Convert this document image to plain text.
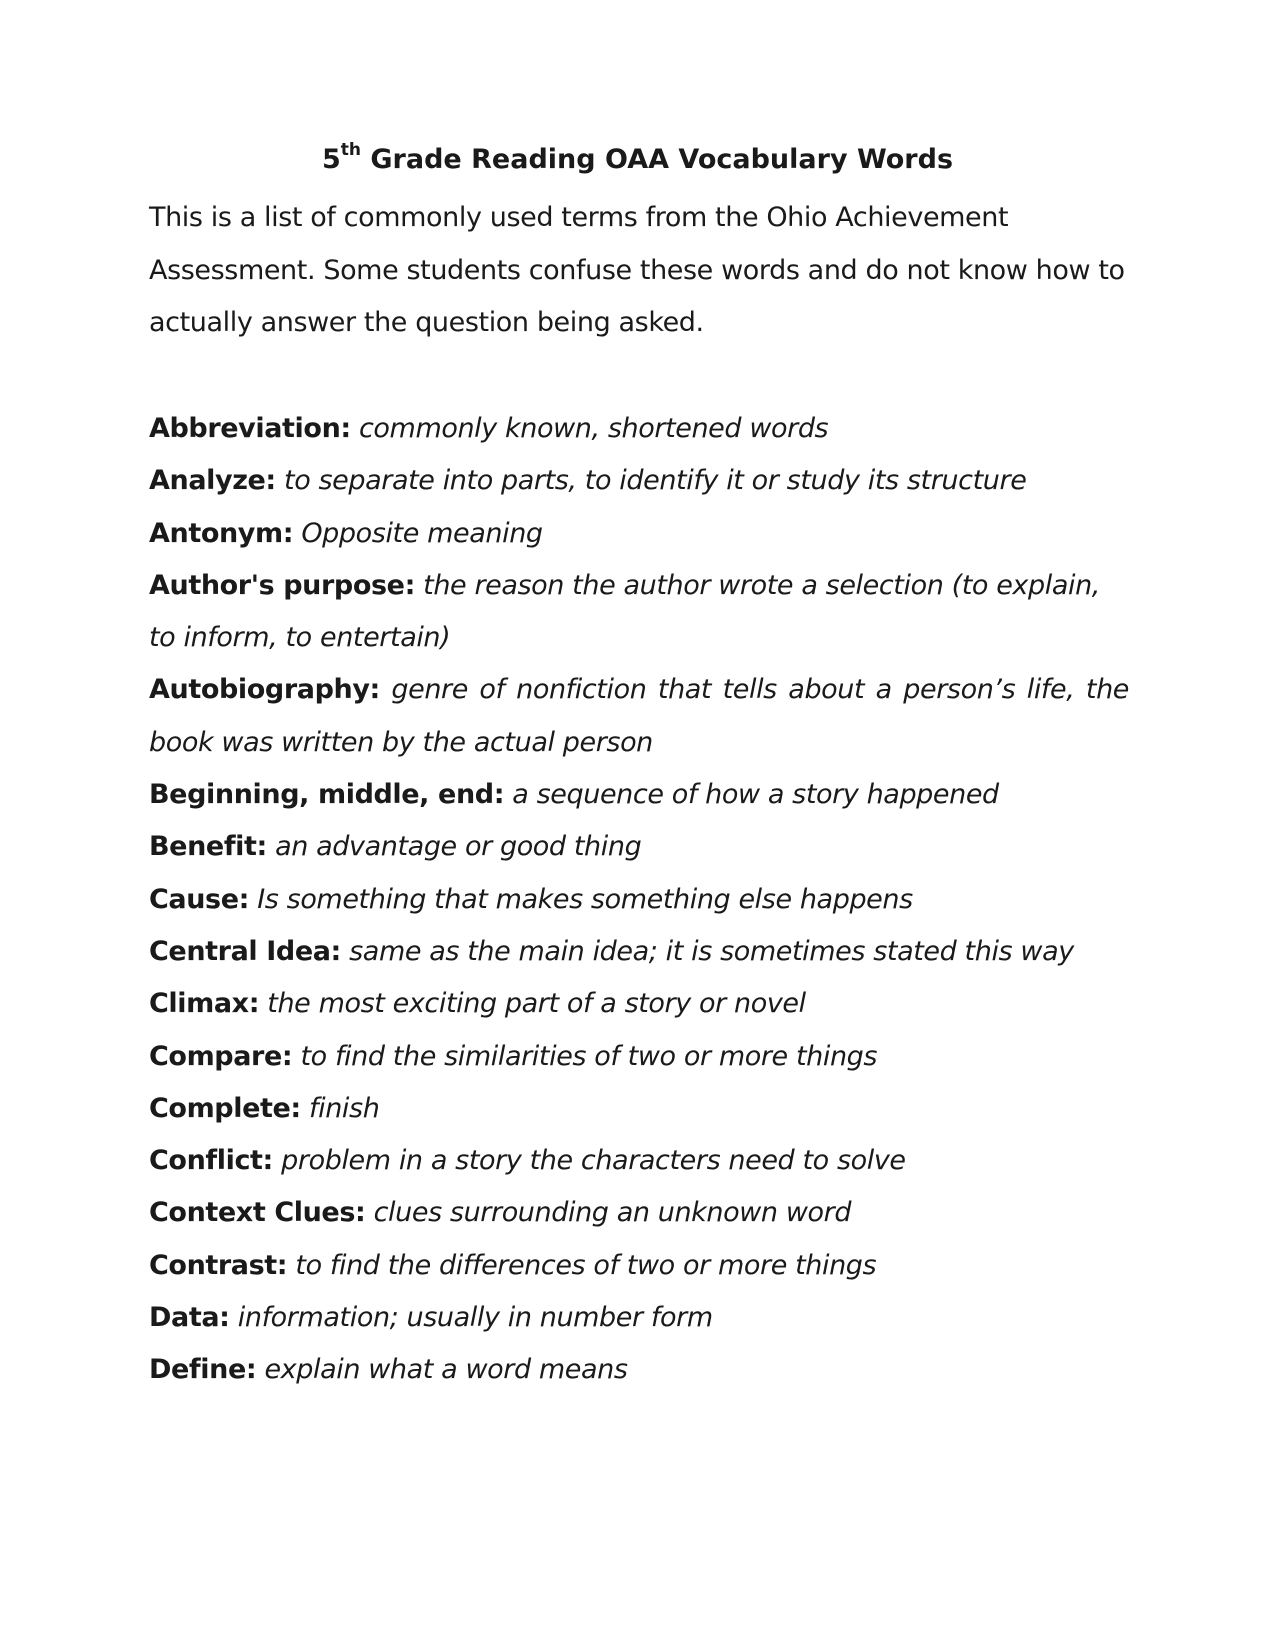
5th Grade Reading OAA Vocabulary Words

This is a list of commonly used terms from the Ohio Achievement Assessment. Some students confuse these words and do not know how to actually answer the question being asked.

Abbreviation: commonly known, shortened words
Analyze: to separate into parts, to identify it or study its structure
Antonym: Opposite meaning
Author's purpose: the reason the author wrote a selection (to explain, to inform, to entertain)
Autobiography: genre of nonfiction that tells about a person’s life, the book was written by the actual person
Beginning, middle, end: a sequence of how a story happened
Benefit: an advantage or good thing
Cause: Is something that makes something else happens
Central Idea: same as the main idea; it is sometimes stated this way
Climax: the most exciting part of a story or novel
Compare: to find the similarities of two or more things
Complete: finish
Conflict: problem in a story the characters need to solve
Context Clues: clues surrounding an unknown word
Contrast: to find the differences of two or more things
Data: information; usually in number form
Define: explain what a word means
